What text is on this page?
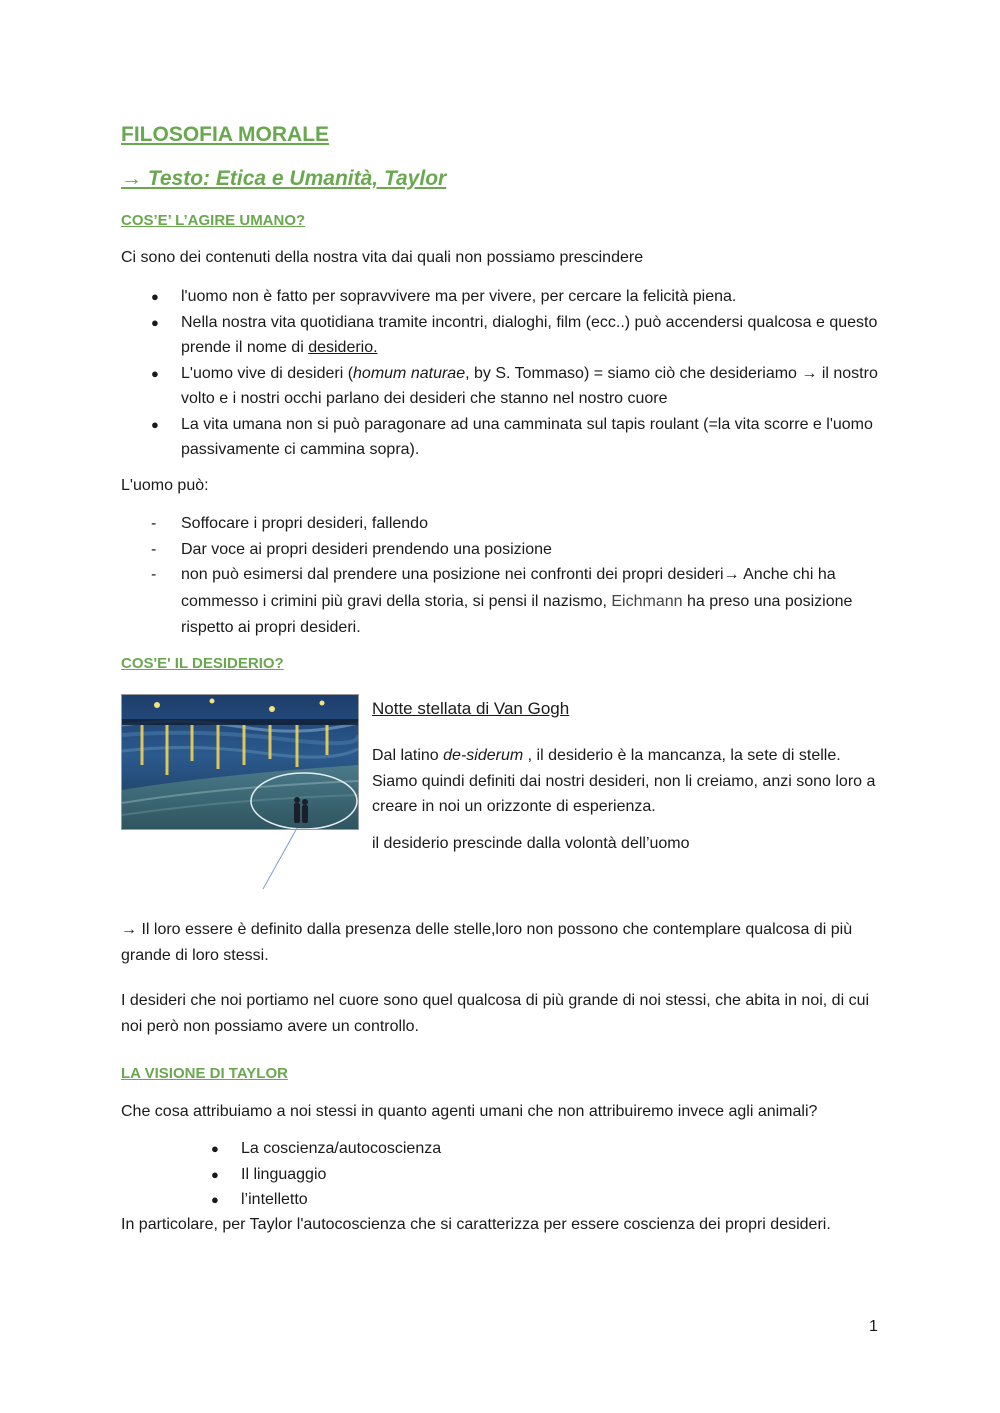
FILOSOFIA MORALE
→ Testo: Etica e Umanità, Taylor
COS’E’ L’AGIRE UMANO?
Ci sono dei contenuti della nostra vita dai quali non possiamo prescindere
● l'uomo non è fatto per sopravvivere ma per vivere, per cercare la felicità piena.
● Nella nostra vita quotidiana tramite incontri, dialoghi, film (ecc..) può accendersi qualcosa e questo prende il nome di desiderio.
● L'uomo vive di desideri (homum naturae, by S. Tommaso) = siamo ciò che desideriamo → il nostro volto e i nostri occhi parlano dei desideri che stanno nel nostro cuore
● La vita umana non si può paragonare ad una camminata sul tapis roulant (=la vita scorre e l'uomo passivamente ci cammina sopra).
L'uomo può:
- Soffocare i propri desideri, fallendo
- Dar voce ai propri desideri prendendo una posizione
- non può esimersi dal prendere una posizione nei confronti dei propri desideri→ Anche chi ha commesso i crimini più gravi della storia, si pensi il nazismo, Eichmann ha preso una posizione rispetto ai propri desideri.
COS'E' IL DESIDERIO?
Notte stellata di Van Gogh
Dal latino de-siderum , il desiderio è la mancanza, la sete di stelle. Siamo quindi definiti dai nostri desideri, non li creiamo, anzi sono loro a creare in noi un orizzonte di esperienza.
il desiderio prescinde dalla volontà dell’uomo
→ Il loro essere è definito dalla presenza delle stelle,loro non possono che contemplare qualcosa di più grande di loro stessi.
I desideri che noi portiamo nel cuore sono quel qualcosa di più grande di noi stessi, che abita in noi, di cui noi però non possiamo avere un controllo.
LA VISIONE DI TAYLOR
Che cosa attribuiamo a noi stessi in quanto agenti umani che non attribuiremo invece agli animali?
● La coscienza/autocoscienza
● Il linguaggio
● l’intelletto
In particolare, per Taylor l'autocoscienza che si caratterizza per essere coscienza dei propri desideri.
1
